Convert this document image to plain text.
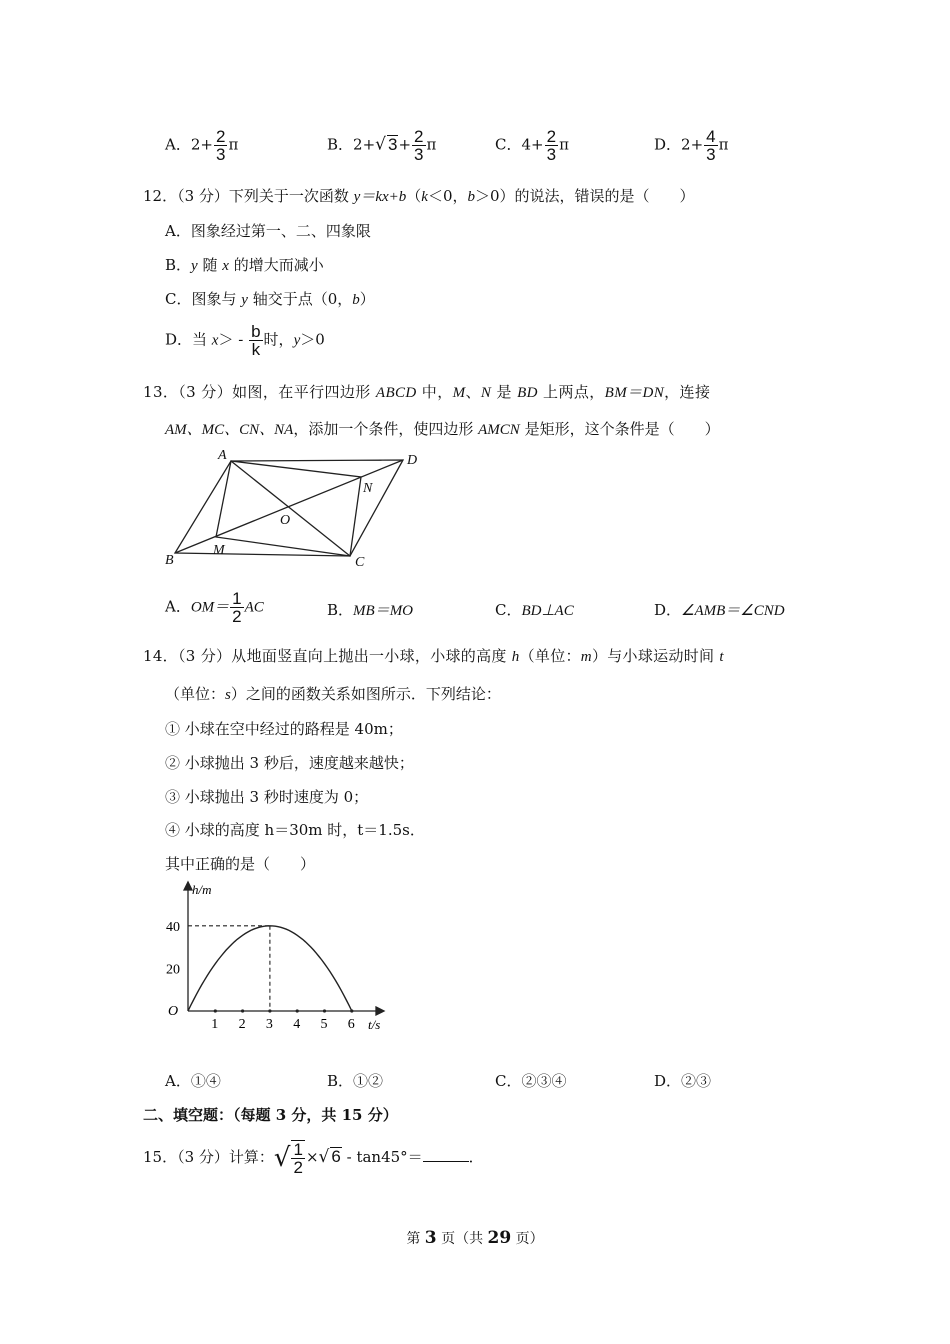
A．$2+ \frac{2}{3}$ π	B．2+√ $3+ \frac{2}{3}$ π	C．$4+ \frac{2}{3}$ π	D．$2+ \frac{4}{3}$ π
12．（3 分）下列关于一次函数 y＝kx+b（k＜0，b＞0）的说法，错误的是（　　）
A．图象经过第一、二、四象限
B．y 随 x 的增大而减小
C．图象与 y 轴交于点（0，b）
D．当 $x> - \frac{b}{k}$ 时，y＞0
13．（3 分）如图，在平行四边形 ABCD 中，M、N 是 BD 上两点，BM＝DN，连接
AM、MC、CN、NA，添加一个条件，使四边形 AMCN 是矩形，这个条件是（　　）
A
B	C
D
M
N
O
A．$OM= \frac{1}{2}$ AC	B．MB＝MO	C．BD⊥AC	D．∠AMB＝∠CND
14．（3 分）从地面竖直向上抛出一小球，小球的高度 h（单位：m）与小球运动时间 t
（单位：s）之间的函数关系如图所示．下列结论：
① 小球在空中经过的路程是 40m；
② 小球抛出 3 秒后，速度越来越快；
③ 小球抛出 3 秒时速度为 0；
④ 小球的高度 h＝30m 时，t＝1.5s．
其中正确的是（　　）
1 2 3 4 5 6
20
40
O
h/m
t/s
A．①④	B．①②	C．②③④	D．②③
二、填空题：（每题 3 分，共 15 分）
15．（3 分）计算：√ $\frac{1}{2}$ ×√ 6 - tan45°＝	．
第 3 页（共 29 页）
